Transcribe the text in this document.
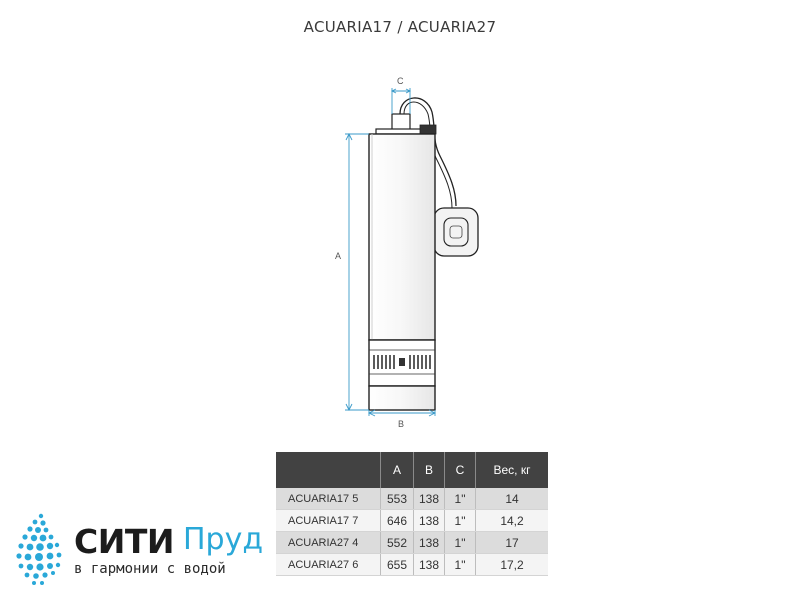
ACUARIA17 / ACUARIA27
A
B
C
	A	B	C	Вес, кг
ACUARIA17 5	553	138	1"	14
ACUARIA17 7	646	138	1"	14,2
ACUARIA27 4	552	138	1"	17
ACUARIA27 6	655	138	1"	17,2
СИТИ Пруд
в гармонии с водой
